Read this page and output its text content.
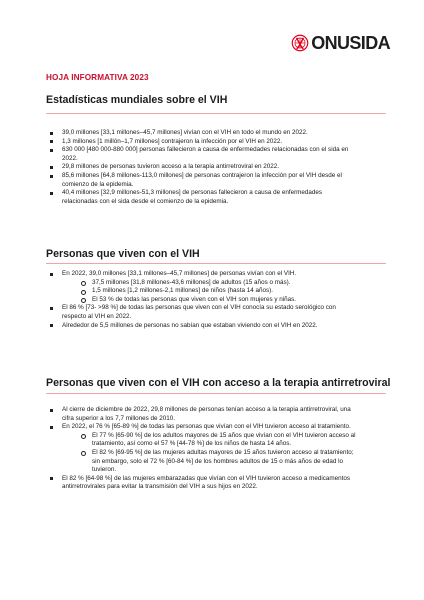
ONUSIDA
HOJA INFORMATIVA 2023
Estadísticas mundiales sobre el VIH
39,0 millones [33,1 millones–45,7 millones] vivían con el VIH en todo el mundo en 2022.
1,3 millones [1 millón–1,7 millones] contrajeron la infección por el VIH en 2022.
630 000 [480 000-880 000] personas fallecieron a causa de enfermedades relacionadas con el sida en 2022.
29,8 millones de personas tuvieron acceso a la terapia antirretroviral en 2022.
85,6 millones [64,8 millones-113,0 millones] de personas contrajeron la infección por el VIH desde el comienzo de la epidemia.
40,4 millones [32,9 millones-51,3 millones] de personas fallecieron a causa de enfermedades relacionadas con el sida desde el comienzo de la epidemia.
Personas que viven con el VIH
En 2022, 39,0 millones [33,1 millones–45,7 millones] de personas vivían con el VIH.
37,5 millones [31,8 millones-43,6 millones] de adultos (15 años o más).
1,5 millones [1,2 millones-2,1 millones] de niños (hasta 14 años).
El 53 % de todas las personas que viven con el VIH son mujeres y niñas.
El 86 % [73- >98 %] de todas las personas que viven con el VIH conocía su estado serológico con respecto al VIH en 2022.
Alrededor de 5,5 millones de personas no sabían que estaban viviendo con el VIH en 2022.
Personas que viven con el VIH con acceso a la terapia antirretroviral
Al cierre de diciembre de 2022, 29,8 millones de personas tenían acceso a la terapia antirretroviral, una cifra superior a los 7,7 millones de 2010.
En 2022, el 76 % [65-89 %] de todas las personas que vivían con el VIH tuvieron acceso al tratamiento.
El 77 % [65-90 %] de los adultos mayores de 15 años que vivían con el VIH tuvieron acceso al tratamiento, así como el 57 % [44-78 %] de los niños de hasta 14 años.
El 82 % [69-95 %] de las mujeres adultas mayores de 15 años tuvieron acceso al tratamiento; sin embargo, solo el 72 % [60-84 %] de los hombres adultos de 15 o más años de edad lo tuvieron.
El 82 % [64-98 %] de las mujeres embarazadas que vivían con el VIH tuvieron acceso a medicamentos antirretrovirales para evitar la transmisión del VIH a sus hijos en 2022.
